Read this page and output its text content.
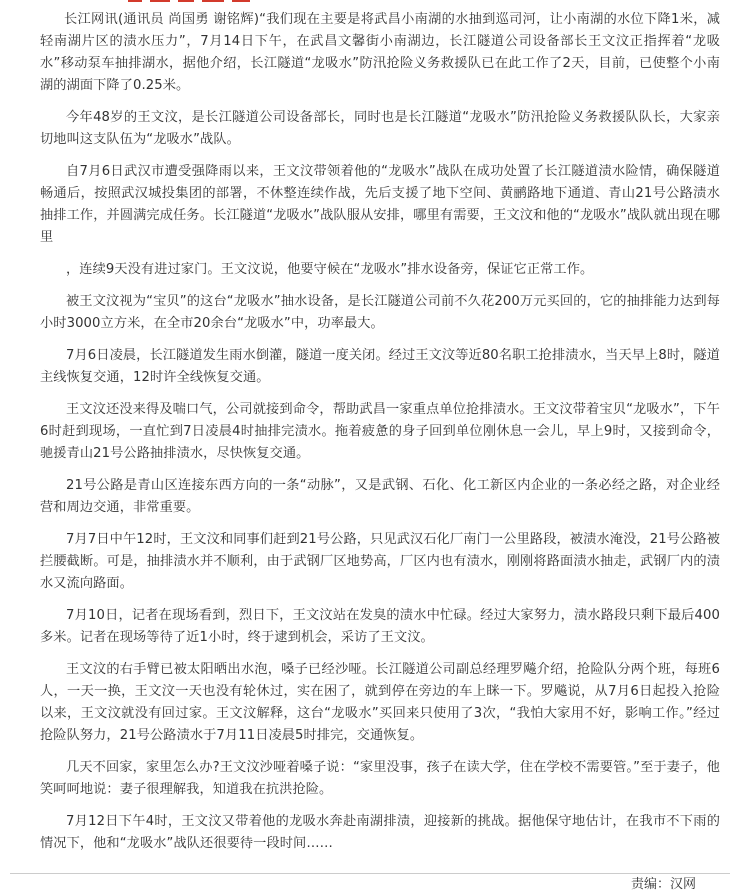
长江网讯(通讯员 尚国勇 谢铭辉)“我们现在主要是将武昌小南湖的水抽到巡司河，让小南湖的水位下降1米，减轻南湖片区的渍水压力”，7月14日下午，在武昌文馨街小南湖边，长江隧道公司设备部长王文汶正指挥着“龙吸水”移动泵车抽排湖水，据他介绍，长江隧道“龙吸水”防汛抢险义务救援队已在此工作了2天，目前，已使整个小南湖的湖面下降了0.25米。

今年48岁的王文汶，是长江隧道公司设备部长，同时也是长江隧道“龙吸水”防汛抢险义务救援队队长，大家亲切地叫这支队伍为“龙吸水”战队。

自7月6日武汉市遭受强降雨以来，王文汶带领着他的“龙吸水”战队在成功处置了长江隧道渍水险情，确保隧道畅通后，按照武汉城投集团的部署，不休整连续作战，先后支援了地下空间、黄鹂路地下通道、青山21号公路渍水抽排工作，并圆满完成任务。长江隧道“龙吸水”战队服从安排，哪里有需要，王文汶和他的“龙吸水”战队就出现在哪里

，连续9天没有进过家门。王文汶说，他要守候在“龙吸水”排水设备旁，保证它正常工作。

被王文汶视为“宝贝”的这台“龙吸水”抽水设备，是长江隧道公司前不久花200万元买回的，它的抽排能力达到每小时3000立方米，在全市20余台“龙吸水”中，功率最大。

7月6日凌晨，长江隧道发生雨水倒灌，隧道一度关闭。经过王文汶等近80名职工抢排渍水，当天早上8时，隧道主线恢复交通，12时许全线恢复交通。

王文汶还没来得及喘口气，公司就接到命令，帮助武昌一家重点单位抢排渍水。王文汶带着宝贝“龙吸水”，下午6时赶到现场，一直忙到7日凌晨4时抽排完渍水。拖着疲惫的身子回到单位刚休息一会儿，早上9时，又接到命令，驰援青山21号公路抽排渍水，尽快恢复交通。

21号公路是青山区连接东西方向的一条“动脉”，又是武钢、石化、化工新区内企业的一条必经之路，对企业经营和周边交通，非常重要。

7月7日中午12时，王文汶和同事们赶到21号公路，只见武汉石化厂南门一公里路段，被渍水淹没，21号公路被拦腰截断。可是，抽排渍水并不顺利，由于武钢厂区地势高，厂区内也有渍水，刚刚将路面渍水抽走，武钢厂内的渍水又流向路面。

7月10日，记者在现场看到，烈日下，王文汶站在发臭的渍水中忙碌。经过大家努力，渍水路段只剩下最后400多米。记者在现场等待了近1小时，终于逮到机会，采访了王文汶。

王文汶的右手臂已被太阳晒出水泡，嗓子已经沙哑。长江隧道公司副总经理罗飚介绍，抢险队分两个班，每班6人，一天一换，王文汶一天也没有轮休过，实在困了，就到停在旁边的车上眯一下。罗飚说，从7月6日起投入抢险以来，王文汶就没有回过家。王文汶解释，这台“龙吸水”买回来只使用了3次，“我怕大家用不好，影响工作。”经过抢险队努力，21号公路渍水于7月11日凌晨5时排完，交通恢复。

几天不回家，家里怎么办?王文汶沙哑着嗓子说：“家里没事，孩子在读大学，住在学校不需要管。”至于妻子，他笑呵呵地说：妻子很理解我，知道我在抗洪抢险。

7月12日下午4时，王文汶又带着他的龙吸水奔赴南湖排渍，迎接新的挑战。据他保守地估计，在我市不下雨的情况下，他和“龙吸水”战队还很要待一段时间……

责编：汉网
